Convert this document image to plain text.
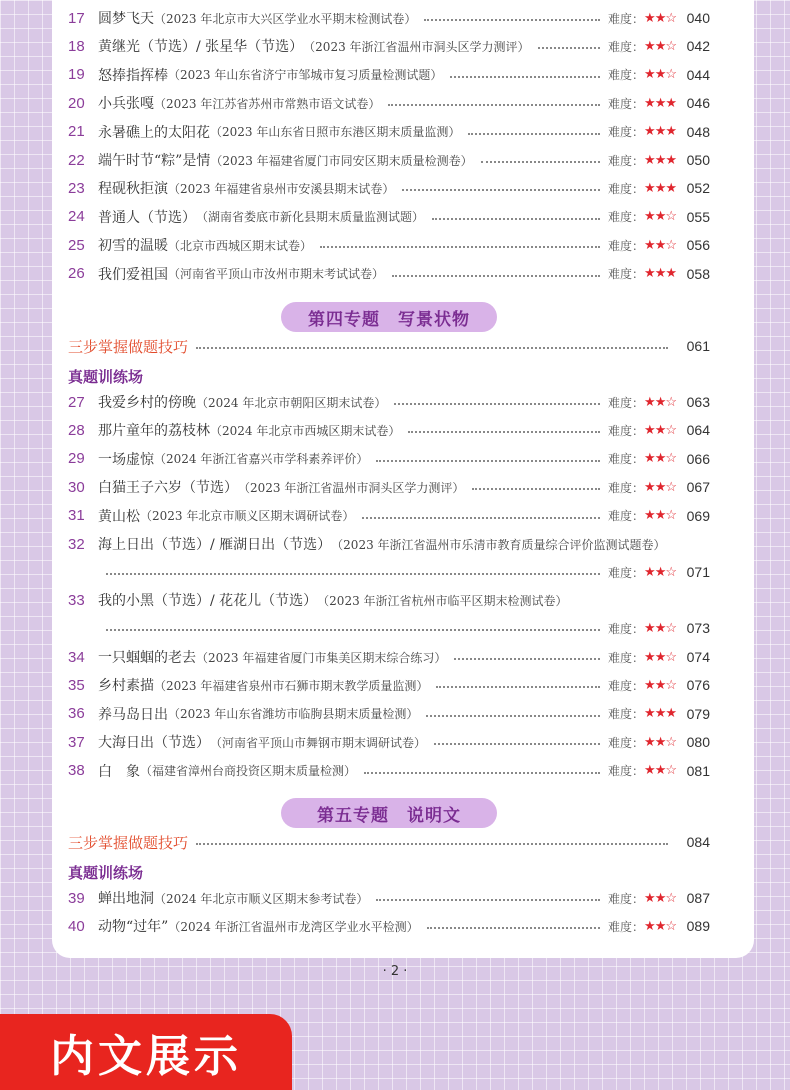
17 圆梦飞天 （2023 年北京市大兴区学业水平期末检测试卷）	难度： ★ ★ ☆ 040
18 黄继光（节选）/ 张星华（节选） （2023 年浙江省温州市洞头区学力测评）	难度： ★ ★ ☆ 042
19 怒捧指挥棒 （2023 年山东省济宁市邹城市复习质量检测试题）	难度： ★ ★ ☆ 044
20 小兵张嘎 （2023 年江苏省苏州市常熟市语文试卷）	难度： ★ ★ ★ 046
21 永暑礁上的太阳花 （2023 年山东省日照市东港区期末质量监测）	难度： ★ ★ ★ 048
22 端午时节“粽”是情 （2023 年福建省厦门市同安区期末质量检测卷）	难度： ★ ★ ★ 050
23 程砚秋拒演 （2023 年福建省泉州市安溪县期末试卷）	难度： ★ ★ ★ 052
24 普通人（节选） （湖南省娄底市新化县期末质量监测试题）	难度： ★ ★ ☆ 055
25 初雪的温暖 （北京市西城区期末试卷）	难度： ★ ★ ☆ 056
26 我们爱祖国 （河南省平顶山市汝州市期末考试试卷）	难度： ★ ★ ★ 058
27 我爱乡村的傍晚 （2024 年北京市朝阳区期末试卷）	难度： ★ ★ ☆ 063
28 那片童年的荔枝林 （2024 年北京市西城区期末试卷）	难度： ★ ★ ☆ 064
29 一场虚惊 （2024 年浙江省嘉兴市学科素养评价）	难度： ★ ★ ☆ 066
30 白猫王子六岁（节选） （2023 年浙江省温州市洞头区学力测评）	难度： ★ ★ ☆ 067
31 黄山松 （2023 年北京市顺义区期末调研试卷）	难度： ★ ★ ☆ 069
32 海上日出（节选）/ 雁湖日出（节选） （2023 年浙江省温州市乐清市教育质量综合评价监测试题卷）
难度： ★ ★ ☆ 071
33 我的小黑（节选）/ 花花儿（节选） （2023 年浙江省杭州市临平区期末检测试卷）
难度： ★ ★ ☆ 073
34 一只蝈蝈的老去 （2023 年福建省厦门市集美区期末综合练习）	难度： ★ ★ ☆ 074
35 乡村素描 （2023 年福建省泉州市石狮市期末教学质量监测）	难度： ★ ★ ☆ 076
36 养马岛日出 （2023 年山东省潍坊市临朐县期末质量检测）	难度： ★ ★ ★ 079
37 大海日出（节选） （河南省平顶山市舞钢市期末调研试卷）	难度： ★ ★ ☆ 080
38 白　象 （福建省漳州台商投资区期末质量检测）	难度： ★ ★ ☆ 081
39 蝉出地洞 （2024 年北京市顺义区期末参考试卷）	难度： ★ ★ ☆ 087
40 动物“过年” （2024 年浙江省温州市龙湾区学业水平检测）	难度： ★ ★ ☆ 089
第四专题　写景状物
三步掌握做题技巧	061
真题训练场
第五专题　说明文
三步掌握做题技巧	084
真题训练场
· 2 ·
内文展示
